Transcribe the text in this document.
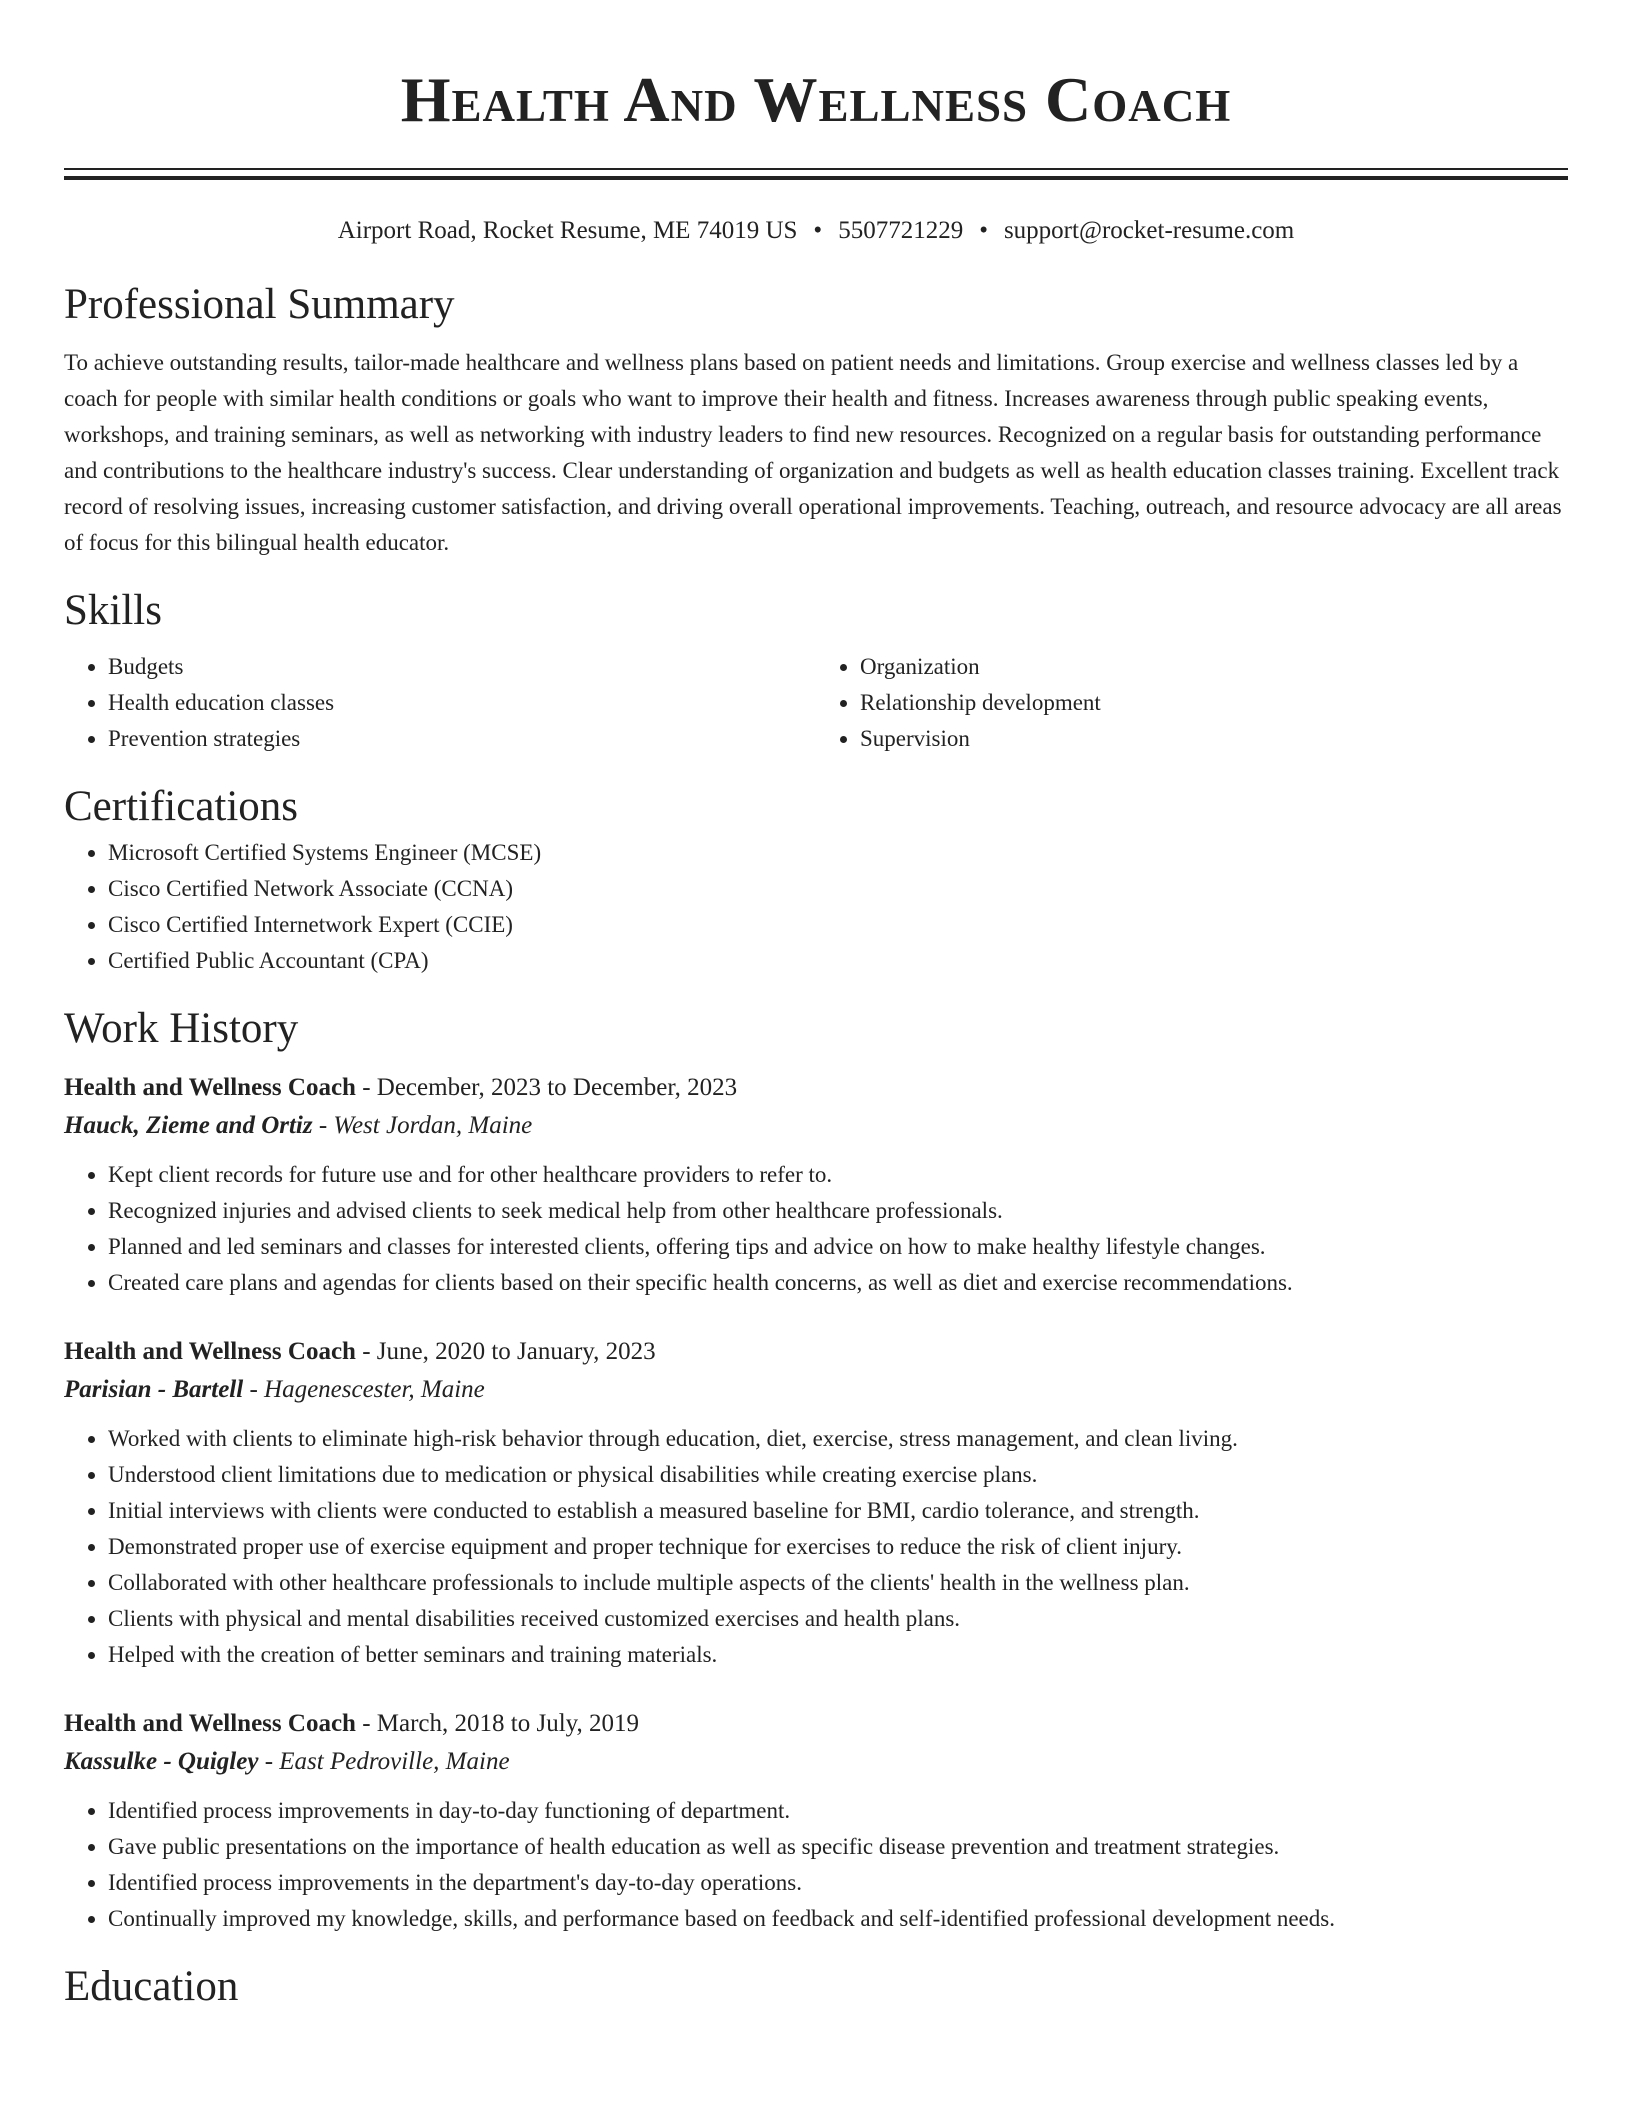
Health And Wellness Coach
Airport Road, Rocket Resume, ME 74019 US • 5507721229 • support@rocket-resume.com
Professional Summary

To achieve outstanding results, tailor-made healthcare and wellness plans based on patient needs and limitations. Group exercise and wellness classes led by a coach for people with similar health conditions or goals who want to improve their health and fitness. Increases awareness through public speaking events, workshops, and training seminars, as well as networking with industry leaders to find new resources. Recognized on a regular basis for outstanding performance and contributions to the healthcare industry's success. Clear understanding of organization and budgets as well as health education classes training. Excellent track record of resolving issues, increasing customer satisfaction, and driving overall operational improvements. Teaching, outreach, and resource advocacy are all areas of focus for this bilingual health educator.

Skills
• Budgets
• Health education classes
• Prevention strategies
• Organization
• Relationship development
• Supervision
Certifications
• Microsoft Certified Systems Engineer (MCSE)
• Cisco Certified Network Associate (CCNA)
• Cisco Certified Internetwork Expert (CCIE)
• Certified Public Accountant (CPA)
Work History
Health and Wellness Coach - December, 2023 to December, 2023
Hauck, Zieme and Ortiz - West Jordan, Maine
• Kept client records for future use and for other healthcare providers to refer to.
• Recognized injuries and advised clients to seek medical help from other healthcare professionals.
• Planned and led seminars and classes for interested clients, offering tips and advice on how to make healthy lifestyle changes.
• Created care plans and agendas for clients based on their specific health concerns, as well as diet and exercise recommendations.
Health and Wellness Coach - June, 2020 to January, 2023
Parisian - Bartell - Hagenescester, Maine
• Worked with clients to eliminate high-risk behavior through education, diet, exercise, stress management, and clean living.
• Understood client limitations due to medication or physical disabilities while creating exercise plans.
• Initial interviews with clients were conducted to establish a measured baseline for BMI, cardio tolerance, and strength.
• Demonstrated proper use of exercise equipment and proper technique for exercises to reduce the risk of client injury.
• Collaborated with other healthcare professionals to include multiple aspects of the clients' health in the wellness plan.
• Clients with physical and mental disabilities received customized exercises and health plans.
• Helped with the creation of better seminars and training materials.
Health and Wellness Coach - March, 2018 to July, 2019
Kassulke - Quigley - East Pedroville, Maine
• Identified process improvements in day-to-day functioning of department.
• Gave public presentations on the importance of health education as well as specific disease prevention and treatment strategies.
• Identified process improvements in the department's day-to-day operations.
• Continually improved my knowledge, skills, and performance based on feedback and self-identified professional development needs.
Education
